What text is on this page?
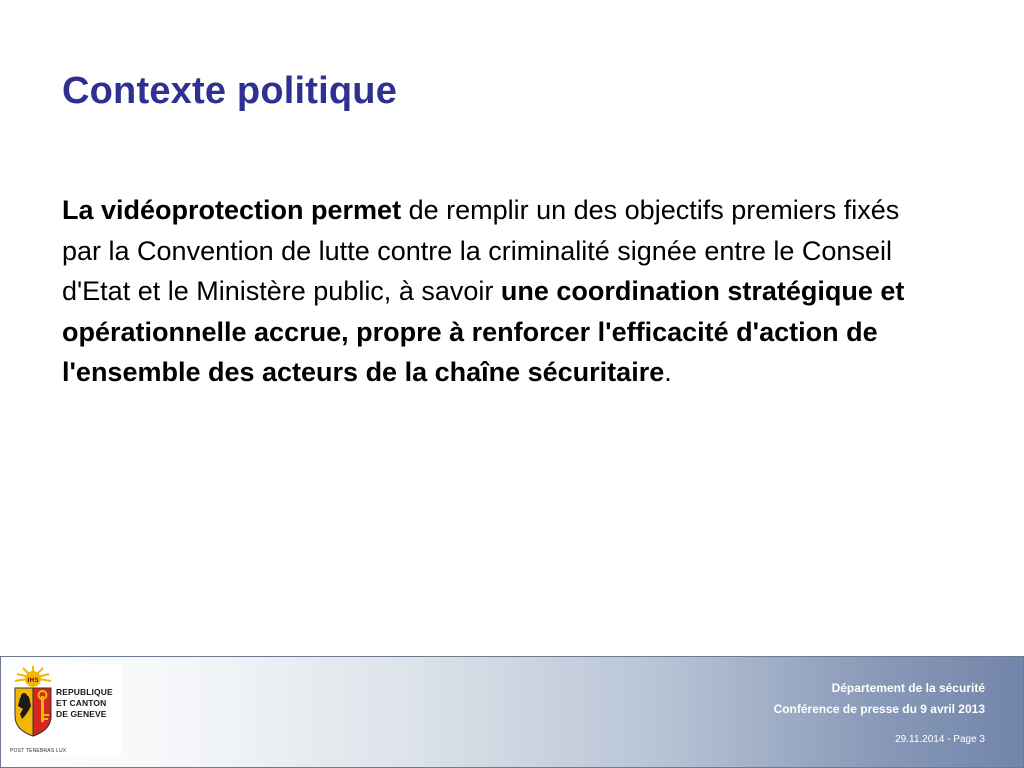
Contexte politique

La vidéoprotection permet de remplir un des objectifs premiers fixés par la Convention de lutte contre la criminalité signée entre le Conseil d'Etat et le Ministère public, à savoir une coordination stratégique et opérationnelle accrue, propre à renforcer l'efficacité d'action de l'ensemble des acteurs de la chaîne sécuritaire.

IHS
REPUBLIQUE
ET CANTON
DE GENEVE
POST TENEBRAS LUX
Département de la sécurité
Conférence de presse du 9 avril 2013
29.11.2014 - Page 3
